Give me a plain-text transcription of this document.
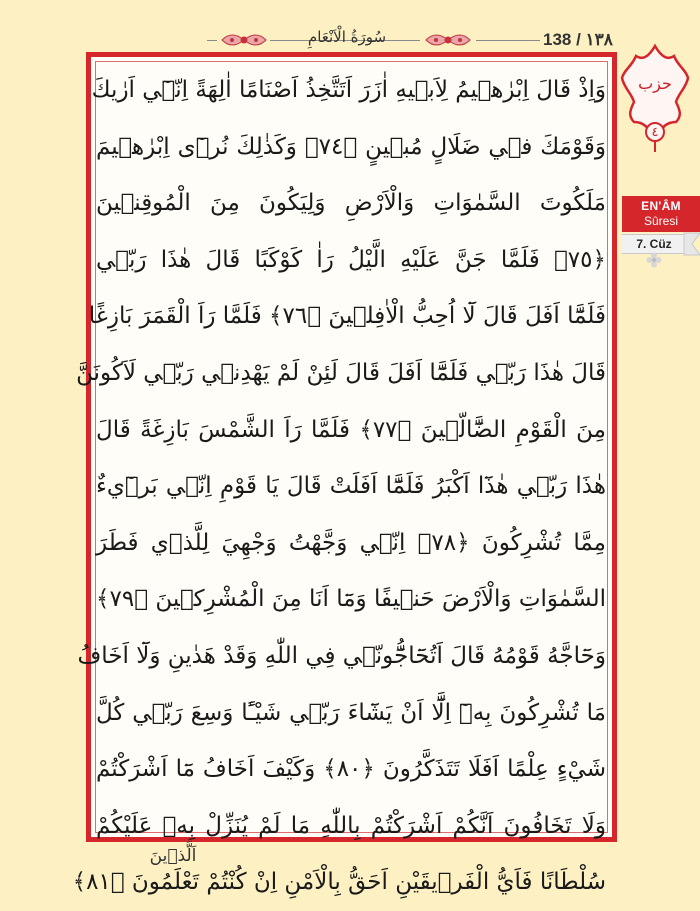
سُورَةُ الْاَنْعَامِ	138 / ١٣٨
وَاِذْ قَالَ اِبْرٰهٖيمُ لِاَبٖيهِ اٰزَرَ اَتَتَّخِذُ اَصْنَامًا اٰلِهَةً اِنّٖٓي اَرٰيكَ
وَقَوْمَكَ فٖي ضَلَالٍ مُبٖينٍ ﴿٧٤﴾ وَكَذٰلِكَ نُرٖٓى اِبْرٰهٖيمَ
مَلَكُوتَ السَّمٰوَاتِ وَالْاَرْضِ وَلِيَكُونَ مِنَ الْمُوقِنٖينَ
﴿٧٥﴾ فَلَمَّا جَنَّ عَلَيْهِ الَّيْلُ رَاٰ كَوْكَبًا قَالَ هٰذَا رَبّٖي
فَلَمَّٓا اَفَلَ قَالَ لَٓا اُحِبُّ الْاٰفِلٖينَ ﴿٧٦﴾ فَلَمَّا رَاَ الْقَمَرَ بَازِغًا
قَالَ هٰذَا رَبّٖي فَلَمَّٓا اَفَلَ قَالَ لَئِنْ لَمْ يَهْدِنٖي رَبّٖي لَاَكُونَنَّ
مِنَ الْقَوْمِ الضَّٓالّٖينَ ﴿٧٧﴾ فَلَمَّا رَاَ الشَّمْسَ بَازِغَةً قَالَ
هٰذَا رَبّٖي هٰذَٓا اَكْبَرُ فَلَمَّٓا اَفَلَتْ قَالَ يَا قَوْمِ اِنّٖي بَرٖٓيءٌ
مِمَّا تُشْرِكُونَ ﴿٧٨﴾ اِنّٖي وَجَّهْتُ وَجْهِيَ لِلَّذٖي فَطَرَ
السَّمٰوَاتِ وَالْاَرْضَ حَنٖيفًا وَمَٓا اَنَا مِنَ الْمُشْرِكٖينَ ﴿٧٩﴾
وَحَٓاجَّهُ قَوْمُهُ قَالَ اَتُحَٓاجُّٓونّٖي فِي اللّٰهِ وَقَدْ هَدٰينِ وَلَٓا اَخَافُ
مَا تُشْرِكُونَ بِهٖٓ اِلَّٓا اَنْ يَشَٓاءَ رَبّٖي شَيْـًٔا وَسِعَ رَبّٖي كُلَّ
شَيْءٍ عِلْمًا اَفَلَا تَتَذَكَّرُونَ ﴿٨٠﴾ وَكَيْفَ اَخَافُ مَٓا اَشْرَكْتُمْ
وَلَا تَخَافُونَ اَنَّكُمْ اَشْرَكْتُمْ بِاللّٰهِ مَا لَمْ يُنَزِّلْ بِهٖ عَلَيْكُمْ
سُلْطَانًا فَاَيُّ الْفَرٖيقَيْنِ اَحَقُّ بِالْاَمْنِ اِنْ كُنْتُمْ تَعْلَمُونَ ﴿٨١﴾
اَلَّذٖينَ
حزب
٤
EN'ÂM
Sûresi
7. Cüz
